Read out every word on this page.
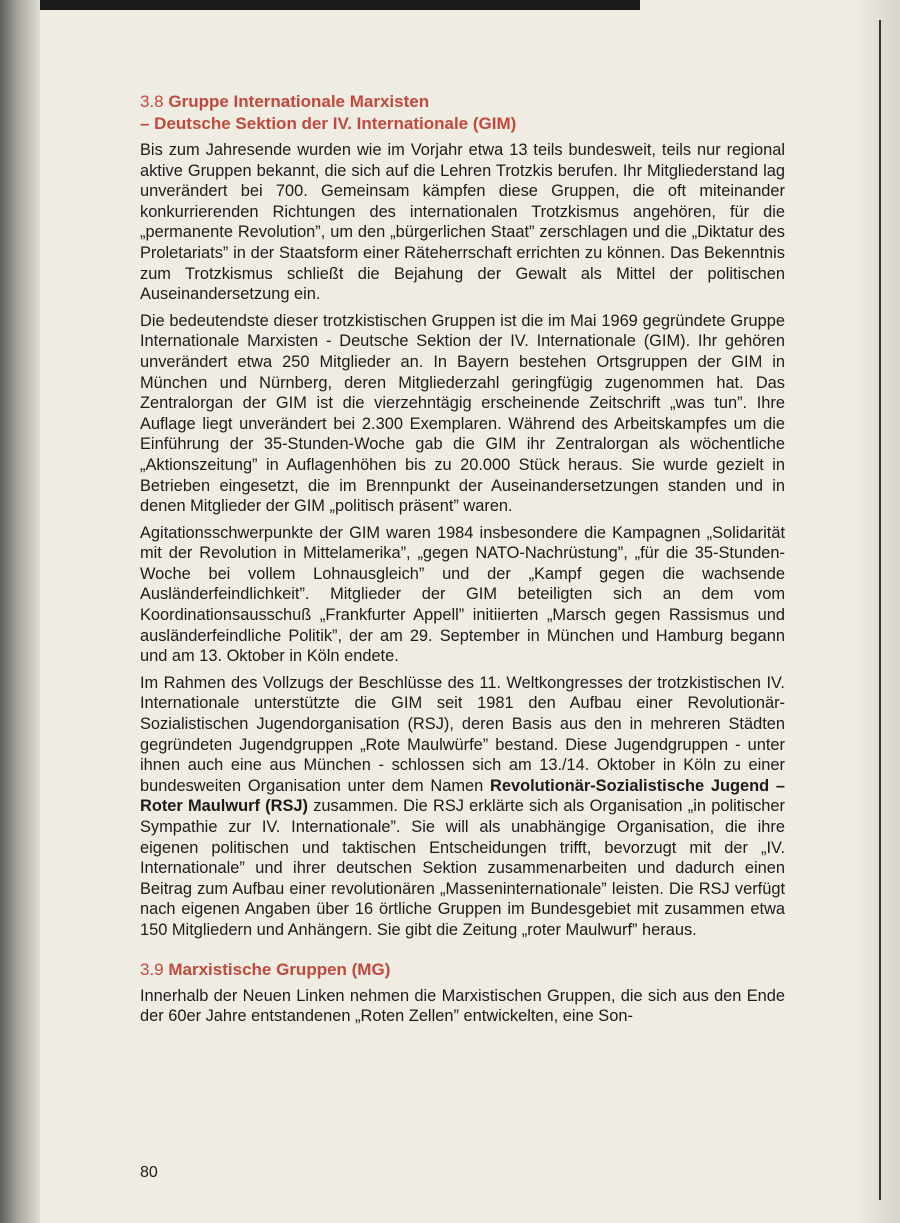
3.8 Gruppe Internationale Marxisten
– Deutsche Sektion der IV. Internationale (GIM)

Bis zum Jahresende wurden wie im Vorjahr etwa 13 teils bundesweit, teils nur regional aktive Gruppen bekannt, die sich auf die Lehren Trotzkis berufen. Ihr Mitgliederstand lag unverändert bei 700. Gemeinsam kämpfen diese Gruppen, die oft miteinander konkurrierenden Richtungen des internationalen Trotzkismus angehören, für die „permanente Revolution”, um den „bürgerlichen Staat” zerschlagen und die „Diktatur des Proletariats” in der Staatsform einer Räteherrschaft errichten zu können. Das Bekenntnis zum Trotzkismus schließt die Bejahung der Gewalt als Mittel der politischen Auseinandersetzung ein.

Die bedeutendste dieser trotzkistischen Gruppen ist die im Mai 1969 gegründete Gruppe Internationale Marxisten - Deutsche Sektion der IV. Internationale (GIM). Ihr gehören unverändert etwa 250 Mitglieder an. In Bayern bestehen Ortsgruppen der GIM in München und Nürnberg, deren Mitgliederzahl geringfügig zugenommen hat. Das Zentralorgan der GIM ist die vierzehntägig erscheinende Zeitschrift „was tun”. Ihre Auflage liegt unverändert bei 2.300 Exemplaren. Während des Arbeitskampfes um die Einführung der 35-Stunden-Woche gab die GIM ihr Zentralorgan als wöchentliche „Aktionszeitung” in Auflagenhöhen bis zu 20.000 Stück heraus. Sie wurde gezielt in Betrieben eingesetzt, die im Brennpunkt der Auseinandersetzungen standen und in denen Mitglieder der GIM „politisch präsent” waren.

Agitationsschwerpunkte der GIM waren 1984 insbesondere die Kampagnen „Solidarität mit der Revolution in Mittelamerika”, „gegen NATO-Nachrüstung”, „für die 35-Stunden-Woche bei vollem Lohnausgleich” und der „Kampf gegen die wachsende Ausländerfeindlichkeit”. Mitglieder der GIM beteiligten sich an dem vom Koordinationsausschuß „Frankfurter Appell” initiierten „Marsch gegen Rassismus und ausländerfeindliche Politik”, der am 29. September in München und Hamburg begann und am 13. Oktober in Köln endete.

Im Rahmen des Vollzugs der Beschlüsse des 11. Weltkongresses der trotzkistischen IV. Internationale unterstützte die GIM seit 1981 den Aufbau einer Revolutionär-Sozialistischen Jugendorganisation (RSJ), deren Basis aus den in mehreren Städten gegründeten Jugendgruppen „Rote Maulwürfe” bestand. Diese Jugendgruppen - unter ihnen auch eine aus München - schlossen sich am 13./14. Oktober in Köln zu einer bundesweiten Organisation unter dem Namen Revolutionär-Sozialistische Jugend – Roter Maulwurf (RSJ) zusammen. Die RSJ erklärte sich als Organisation „in politischer Sympathie zur IV. Internationale”. Sie will als unabhängige Organisation, die ihre eigenen politischen und taktischen Entscheidungen trifft, bevorzugt mit der „IV. Internationale” und ihrer deutschen Sektion zusammenarbeiten und dadurch einen Beitrag zum Aufbau einer revolutionären „Masseninternationale” leisten. Die RSJ verfügt nach eigenen Angaben über 16 örtliche Gruppen im Bundesgebiet mit zusammen etwa 150 Mitgliedern und Anhängern. Sie gibt die Zeitung „roter Maulwurf” heraus.

3.9 Marxistische Gruppen (MG)

Innerhalb der Neuen Linken nehmen die Marxistischen Gruppen, die sich aus den Ende der 60er Jahre entstandenen „Roten Zellen” entwickelten, eine Son-

80
